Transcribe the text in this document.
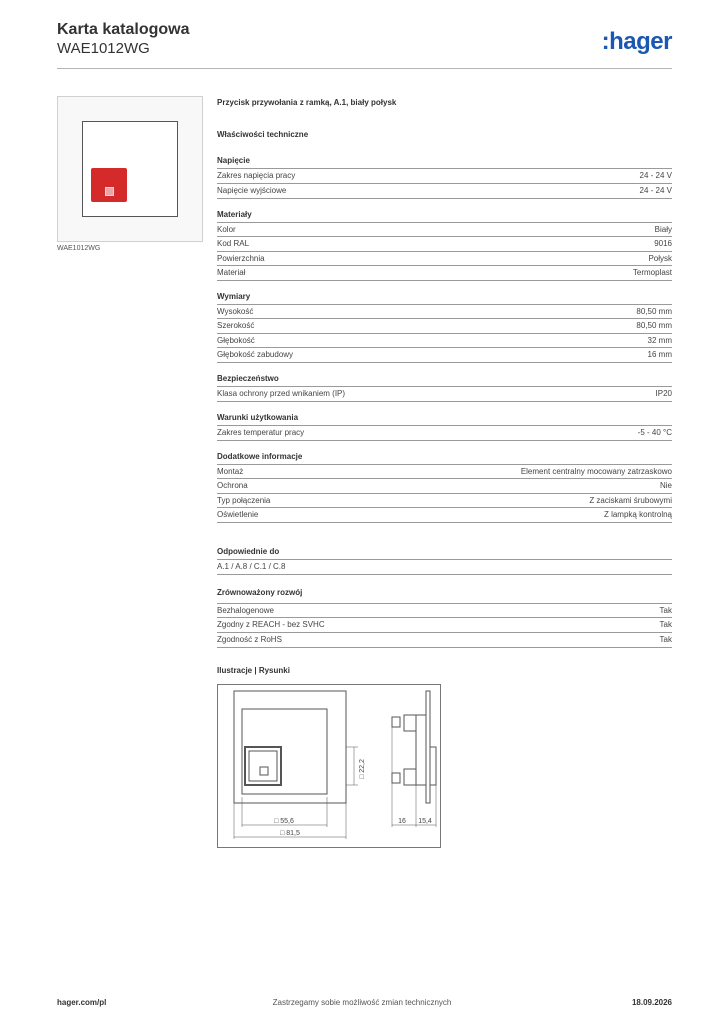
Karta katalogowa
WAE1012WG	:hager
WAE1012WG
Przycisk przywołania z ramką, A.1, biały połysk
Właściwości techniczne
Napięcie
Zakres napięcia pracy	24 - 24 V
Napięcie wyjściowe	24 - 24 V
Materiały
Kolor	Biały
Kod RAL	9016
Powierzchnia	Połysk
Materiał	Termoplast
Wymiary
Wysokość	80,50 mm
Szerokość	80,50 mm
Głębokość	32 mm
Głębokość zabudowy	16 mm
Bezpieczeństwo
Klasa ochrony przed wnikaniem (IP)	IP20
Warunki użytkowania
Zakres temperatur pracy	-5 - 40 °C
Dodatkowe informacje
Montaż	Element centralny mocowany zatrzaskowo
Ochrona	Nie
Typ połączenia	Z zaciskami śrubowymi
Oświetlenie	Z lampką kontrolną
Odpowiednie do
A.1 / A.8 / C.1 / C.8
Zrównoważony rozwój
Bezhalogenowe	Tak
Zgodny z REACH - bez SVHC	Tak
Zgodność z RoHS	Tak
Ilustracje | Rysunki
□ 55,6
□ 81,5
□ 22,2
16 15,4
hager.com/pl	Zastrzegamy sobie możliwość zmian technicznych	18.09.2026
